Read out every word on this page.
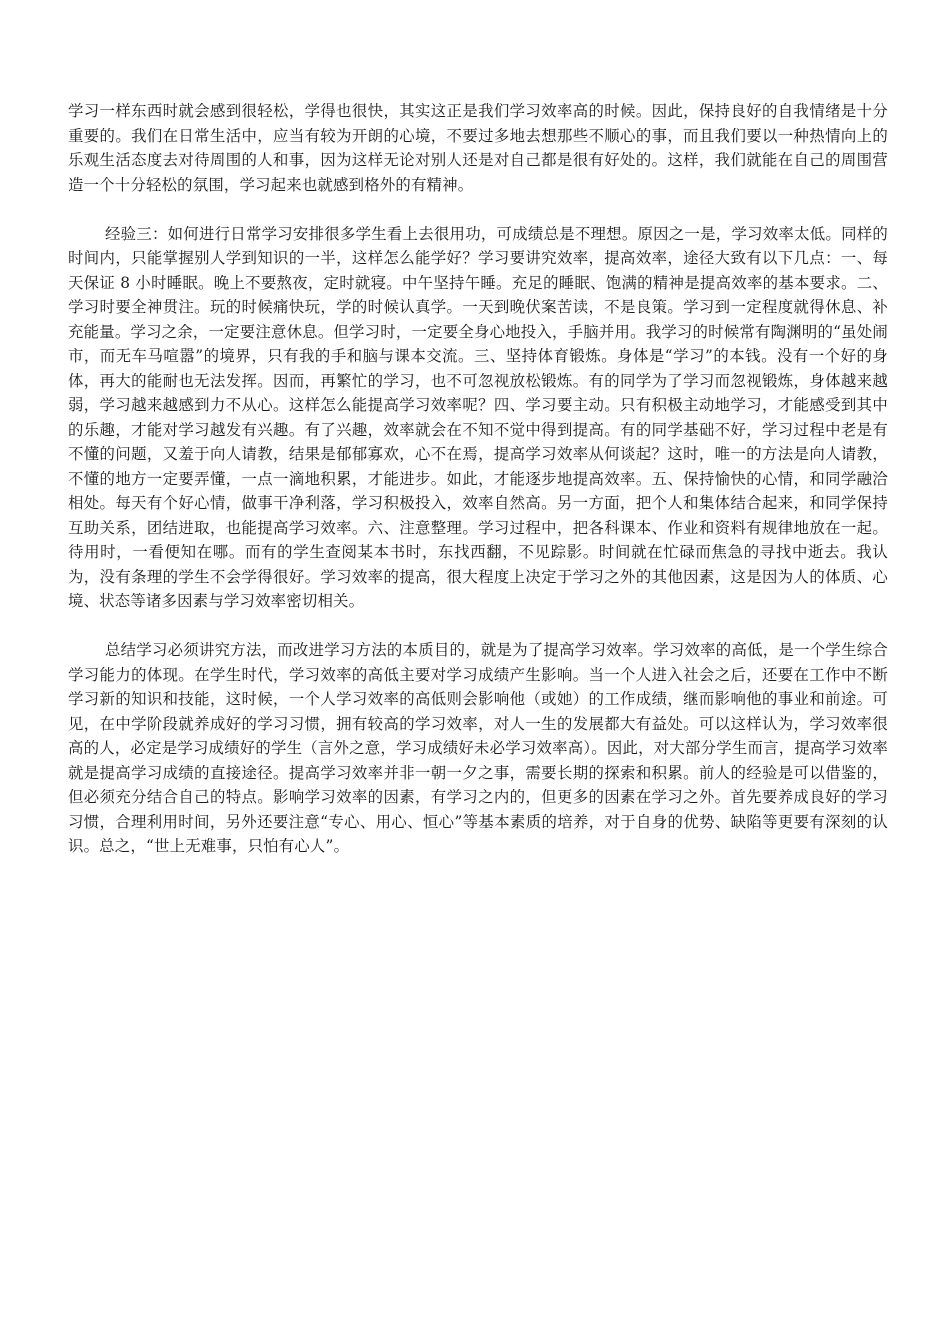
学习一样东西时就会感到很轻松，学得也很快，其实这正是我们学习效率高的时候。因此，保持良好的自我情绪是十分重要的。我们在日常生活中，应当有较为开朗的心境，不要过多地去想那些不顺心的事，而且我们要以一种热情向上的乐观生活态度去对待周围的人和事，因为这样无论对别人还是对自己都是很有好处的。这样，我们就能在自己的周围营造一个十分轻松的氛围，学习起来也就感到格外的有精神。

经验三：如何进行日常学习安排很多学生看上去很用功，可成绩总是不理想。原因之一是，学习效率太低。同样的时间内，只能掌握别人学到知识的一半，这样怎么能学好？学习要讲究效率，提高效率，途径大致有以下几点：一、每天保证 8 小时睡眠。晚上不要熬夜，定时就寝。中午坚持午睡。充足的睡眠、饱满的精神是提高效率的基本要求。二、学习时要全神贯注。玩的时候痛快玩，学的时候认真学。一天到晚伏案苦读，不是良策。学习到一定程度就得休息、补充能量。学习之余，一定要注意休息。但学习时，一定要全身心地投入，手脑并用。我学习的时候常有陶渊明的“虽处闹市，而无车马喧嚣”的境界，只有我的手和脑与课本交流。三、坚持体育锻炼。身体是“学习”的本钱。没有一个好的身体，再大的能耐也无法发挥。因而，再繁忙的学习，也不可忽视放松锻炼。有的同学为了学习而忽视锻炼，身体越来越弱，学习越来越感到力不从心。这样怎么能提高学习效率呢？四、学习要主动。只有积极主动地学习，才能感受到其中的乐趣，才能对学习越发有兴趣。有了兴趣，效率就会在不知不觉中得到提高。有的同学基础不好，学习过程中老是有不懂的问题，又羞于向人请教，结果是郁郁寡欢，心不在焉，提高学习效率从何谈起？这时，唯一的方法是向人请教，不懂的地方一定要弄懂，一点一滴地积累，才能进步。如此，才能逐步地提高效率。五、保持愉快的心情，和同学融洽相处。每天有个好心情，做事干净利落，学习积极投入，效率自然高。另一方面，把个人和集体结合起来，和同学保持互助关系，团结进取，也能提高学习效率。六、注意整理。学习过程中，把各科课本、作业和资料有规律地放在一起。待用时，一看便知在哪。而有的学生查阅某本书时，东找西翻，不见踪影。时间就在忙碌而焦急的寻找中逝去。我认为，没有条理的学生不会学得很好。学习效率的提高，很大程度上决定于学习之外的其他因素，这是因为人的体质、心境、状态等诸多因素与学习效率密切相关。

总结学习必须讲究方法，而改进学习方法的本质目的，就是为了提高学习效率。学习效率的高低，是一个学生综合学习能力的体现。在学生时代，学习效率的高低主要对学习成绩产生影响。当一个人进入社会之后，还要在工作中不断学习新的知识和技能，这时候，一个人学习效率的高低则会影响他（或她）的工作成绩，继而影响他的事业和前途。可见，在中学阶段就养成好的学习习惯，拥有较高的学习效率，对人一生的发展都大有益处。可以这样认为，学习效率很高的人，必定是学习成绩好的学生（言外之意，学习成绩好未必学习效率高）。因此，对大部分学生而言，提高学习效率就是提高学习成绩的直接途径。提高学习效率并非一朝一夕之事，需要长期的探索和积累。前人的经验是可以借鉴的，但必须充分结合自己的特点。影响学习效率的因素，有学习之内的，但更多的因素在学习之外。首先要养成良好的学习习惯，合理利用时间，另外还要注意“专心、用心、恒心”等基本素质的培养，对于自身的优势、缺陷等更要有深刻的认识。总之，“世上无难事，只怕有心人”。
